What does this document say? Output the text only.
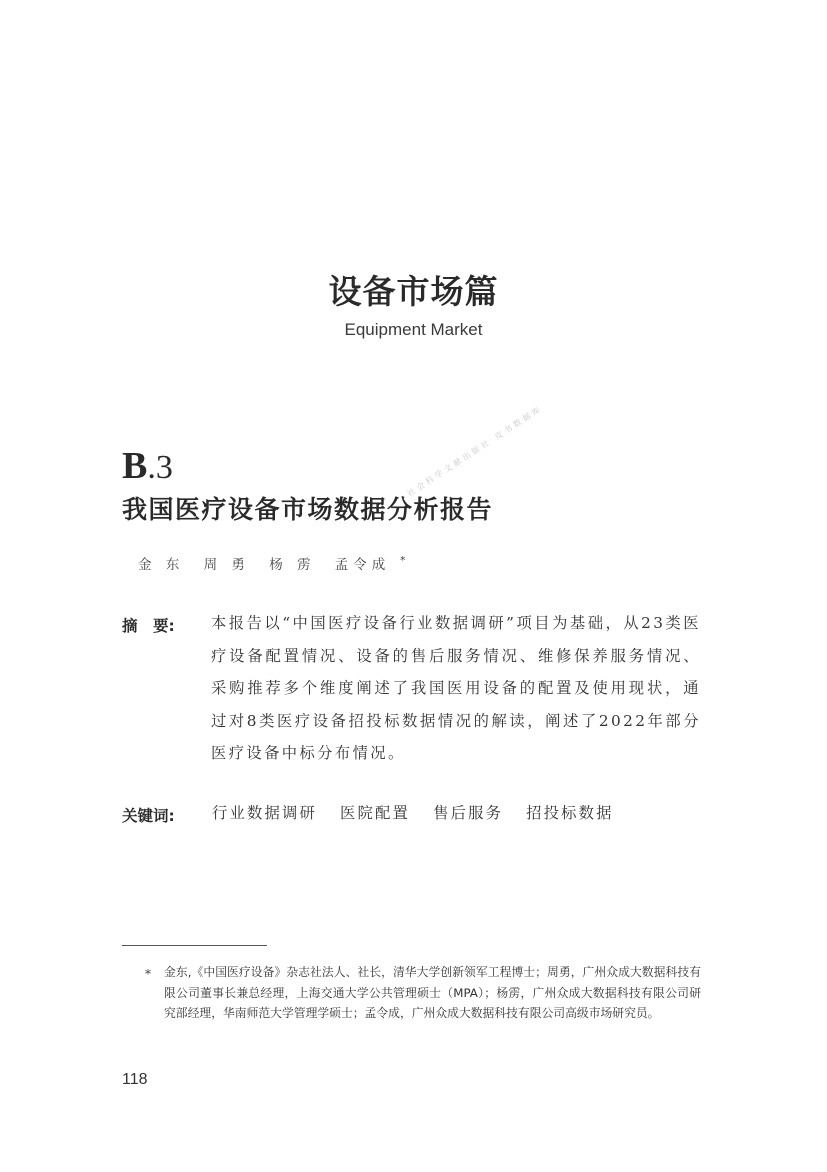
设备市场篇
Equipment Market
B.3
我国医疗设备市场数据分析报告
金 东 周 勇 杨 雳 孟令成 *
社会科学文献出版社 皮书数据库
摘　要: 本报告以“中国医疗设备行业数据调研”项目为基础，从23类医疗设备配置情况、设备的售后服务情况、维修保养服务情况、采购推荐多个维度阐述了我国医用设备的配置及使用现状，通过对8类医疗设备招投标数据情况的解读，阐述了2022年部分医疗设备中标分布情况。
关键词: 行业数据调研 医院配置 售后服务 招投标数据
* 金东,《中国医疗设备》杂志社法人、社长，清华大学创新领军工程博士；周勇，广州众成大数据科技有限公司董事长兼总经理，上海交通大学公共管理硕士（MPA）；杨雳，广州众成大数据科技有限公司研究部经理，华南师范大学管理学硕士；孟令成，广州众成大数据科技有限公司高级市场研究员。
118
